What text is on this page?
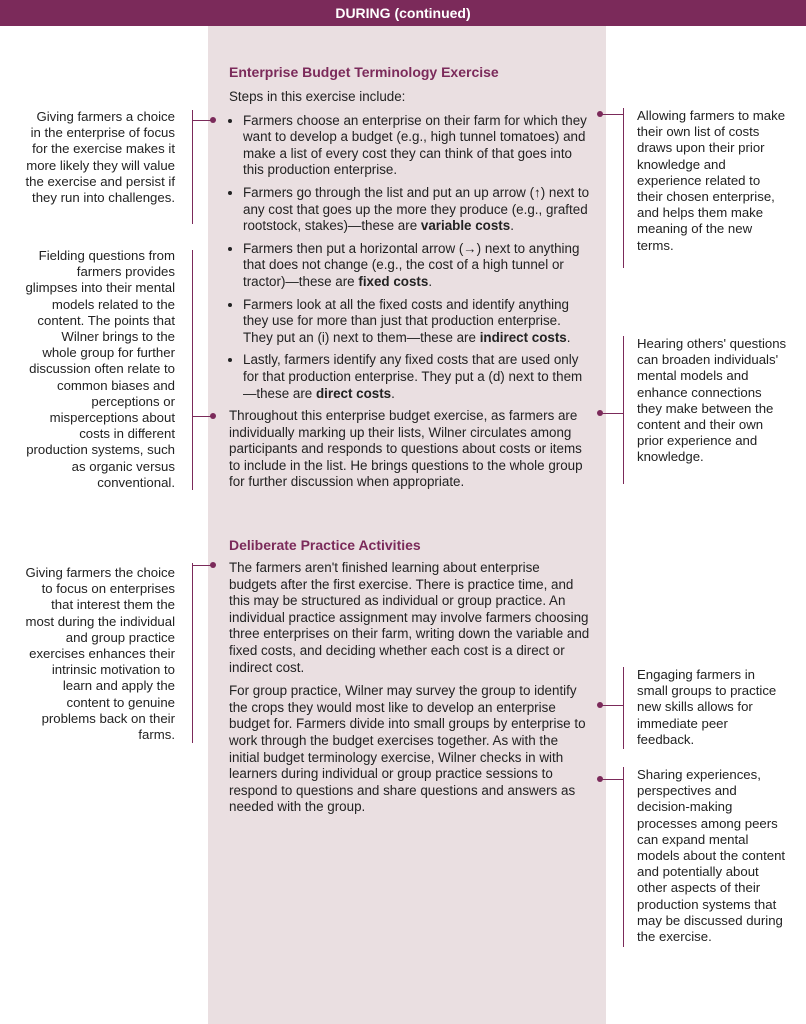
DURING (continued)
Enterprise Budget Terminology Exercise

Steps in this exercise include:

• Farmers choose an enterprise on their farm for which they want to develop a budget (e.g., high tunnel tomatoes) and make a list of every cost they can think of that goes into this production enterprise.
• Farmers go through the list and put an up arrow (↑) next to any cost that goes up the more they produce (e.g., grafted rootstock, stakes)—these are variable costs.
• Farmers then put a horizontal arrow (→) next to anything that does not change (e.g., the cost of a high tunnel or tractor)—these are fixed costs.
• Farmers look at all the fixed costs and identify anything they use for more than just that production enterprise. They put an (i) next to them—these are indirect costs.
• Lastly, farmers identify any fixed costs that are used only for that production enterprise. They put a (d) next to them—these are direct costs.

Throughout this enterprise budget exercise, as farmers are individually marking up their lists, Wilner circulates among participants and responds to questions about costs or items to include in the list. He brings questions to the whole group for further discussion when appropriate.

Deliberate Practice Activities

The farmers aren't finished learning about enterprise budgets after the first exercise. There is practice time, and this may be structured as individual or group practice. An individual practice assignment may involve farmers choosing three enterprises on their farm, writing down the variable and fixed costs, and deciding whether each cost is a direct or indirect cost.

For group practice, Wilner may survey the group to identify the crops they would most like to develop an enterprise budget for. Farmers divide into small groups by enterprise to work through the budget exercises together. As with the initial budget terminology exercise, Wilner checks in with learners during individual or group practice sessions to respond to questions and share questions and answers as needed with the group.

Giving farmers a choice in the enterprise of focus for the exercise makes it more likely they will value the exercise and persist if they run into challenges.
Fielding questions from farmers provides glimpses into their mental models related to the content. The points that Wilner brings to the whole group for further discussion often relate to common biases and perceptions or misperceptions about costs in different production systems, such as organic versus conventional.
Giving farmers the choice to focus on enterprises that interest them the most during the individual and group practice exercises enhances their intrinsic motivation to learn and apply the content to genuine problems back on their farms.
Allowing farmers to make their own list of costs draws upon their prior knowledge and experience related to their chosen enterprise, and helps them make meaning of the new terms.
Hearing others' questions can broaden individuals' mental models and enhance connections they make between the content and their own prior experience and knowledge.
Engaging farmers in small groups to practice new skills allows for immediate peer feedback.
Sharing experiences, perspectives and decision-making processes among peers can expand mental models about the content and potentially about other aspects of their production systems that may be discussed during the exercise.
